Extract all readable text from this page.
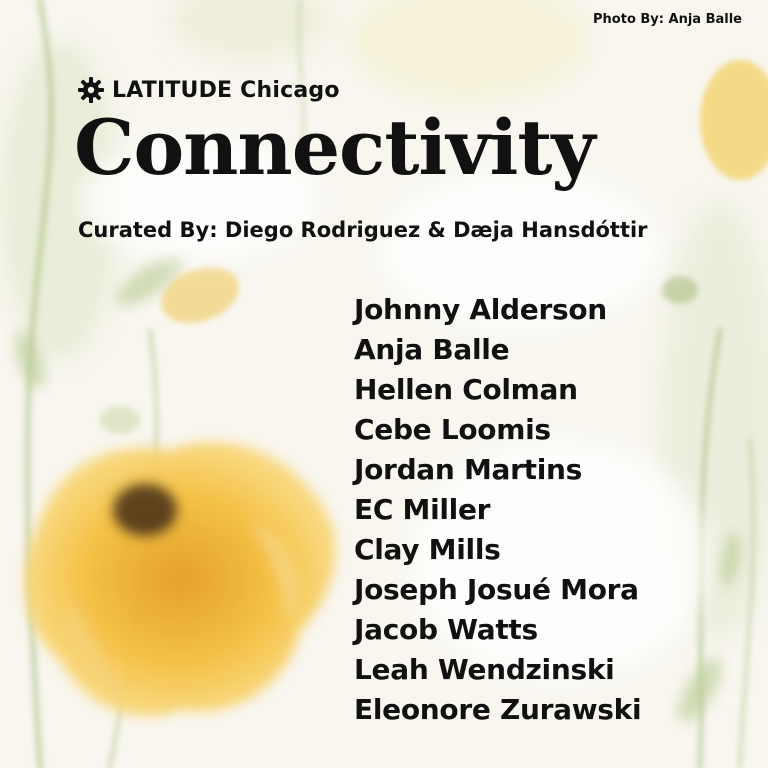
Photo By: Anja Balle
LATITUDE Chicago
Connectivity
Curated By: Diego Rodriguez & Dæja Hansdóttir
Johnny Alderson
Anja Balle
Hellen Colman
Cebe Loomis
Jordan Martins
EC Miller
Clay Mills
Joseph Josué Mora
Jacob Watts
Leah Wendzinski
Eleonore Zurawski
